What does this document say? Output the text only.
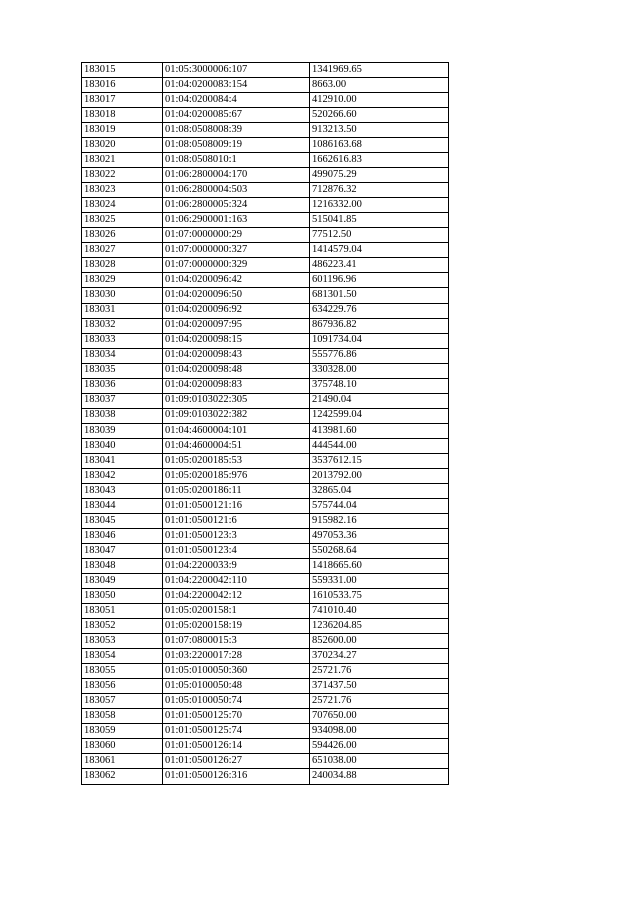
183015	01:05:3000006:107	1341969.65
183016	01:04:0200083:154	8663.00
183017	01:04:0200084:4	412910.00
183018	01:04:0200085:67	520266.60
183019	01:08:0508008:39	913213.50
183020	01:08:0508009:19	1086163.68
183021	01:08:0508010:1	1662616.83
183022	01:06:2800004:170	499075.29
183023	01:06:2800004:503	712876.32
183024	01:06:2800005:324	1216332.00
183025	01:06:2900001:163	515041.85
183026	01:07:0000000:29	77512.50
183027	01:07:0000000:327	1414579.04
183028	01:07:0000000:329	486223.41
183029	01:04:0200096:42	601196.96
183030	01:04:0200096:50	681301.50
183031	01:04:0200096:92	634229.76
183032	01:04:0200097:95	867936.82
183033	01:04:0200098:15	1091734.04
183034	01:04:0200098:43	555776.86
183035	01:04:0200098:48	330328.00
183036	01:04:0200098:83	375748.10
183037	01:09:0103022:305	21490.04
183038	01:09:0103022:382	1242599.04
183039	01:04:4600004:101	413981.60
183040	01:04:4600004:51	444544.00
183041	01:05:0200185:53	3537612.15
183042	01:05:0200185:976	2013792.00
183043	01:05:0200186:11	32865.04
183044	01:01:0500121:16	575744.04
183045	01:01:0500121:6	915982.16
183046	01:01:0500123:3	497053.36
183047	01:01:0500123:4	550268.64
183048	01:04:2200033:9	1418665.60
183049	01:04:2200042:110	559331.00
183050	01:04:2200042:12	1610533.75
183051	01:05:0200158:1	741010.40
183052	01:05:0200158:19	1236204.85
183053	01:07:0800015:3	852600.00
183054	01:03:2200017:28	370234.27
183055	01:05:0100050:360	25721.76
183056	01:05:0100050:48	371437.50
183057	01:05:0100050:74	25721.76
183058	01:01:0500125:70	707650.00
183059	01:01:0500125:74	934098.00
183060	01:01:0500126:14	594426.00
183061	01:01:0500126:27	651038.00
183062	01:01:0500126:316	240034.88
